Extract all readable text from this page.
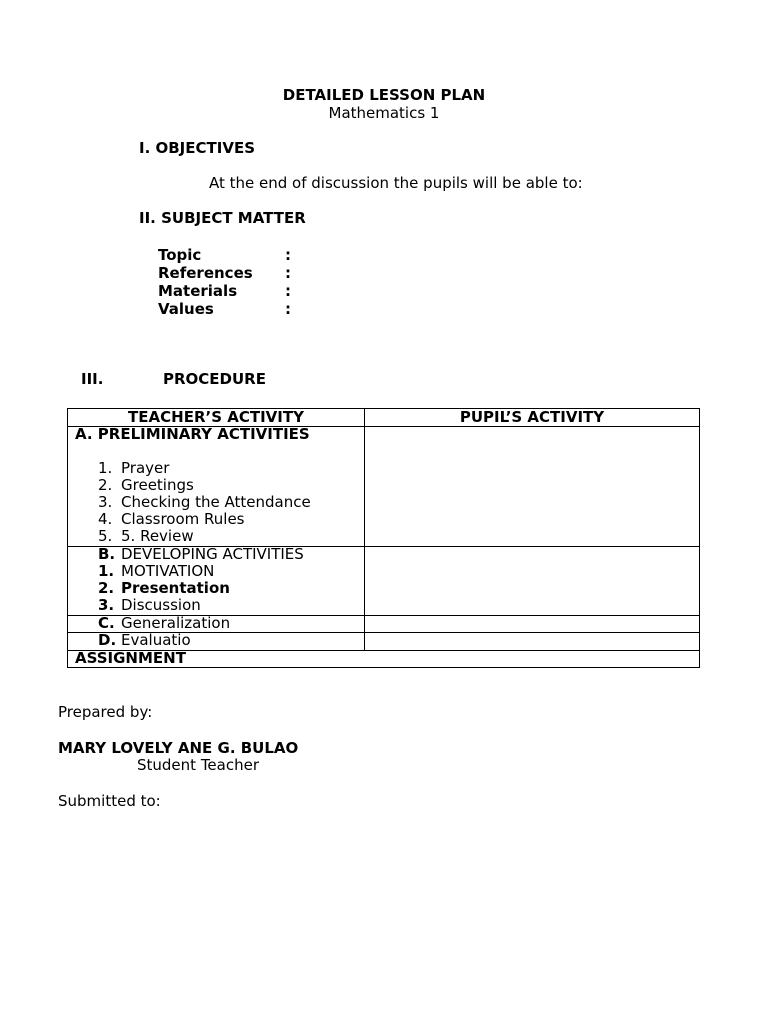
DETAILED LESSON PLAN
Mathematics 1
I. OBJECTIVES
At the end of discussion the pupils will be able to:
II. SUBJECT MATTER
Topic	:
References :
Materials	:
Values	:
III.	PROCEDURE
TEACHER’S ACTIVITY	PUPIL’S ACTIVITY
A. PRELIMINARY ACTIVITIES
1. Prayer
2. Greetings
3. Checking the Attendance
4. Classroom Rules
5. 5. Review
B. DEVELOPING ACTIVITIES
1. MOTIVATION
2. Presentation
3. Discussion
C. Generalization
D. Evaluatio
ASSIGNMENT
Prepared by:
MARY LOVELY ANE G. BULAO
Student Teacher
Submitted to:
